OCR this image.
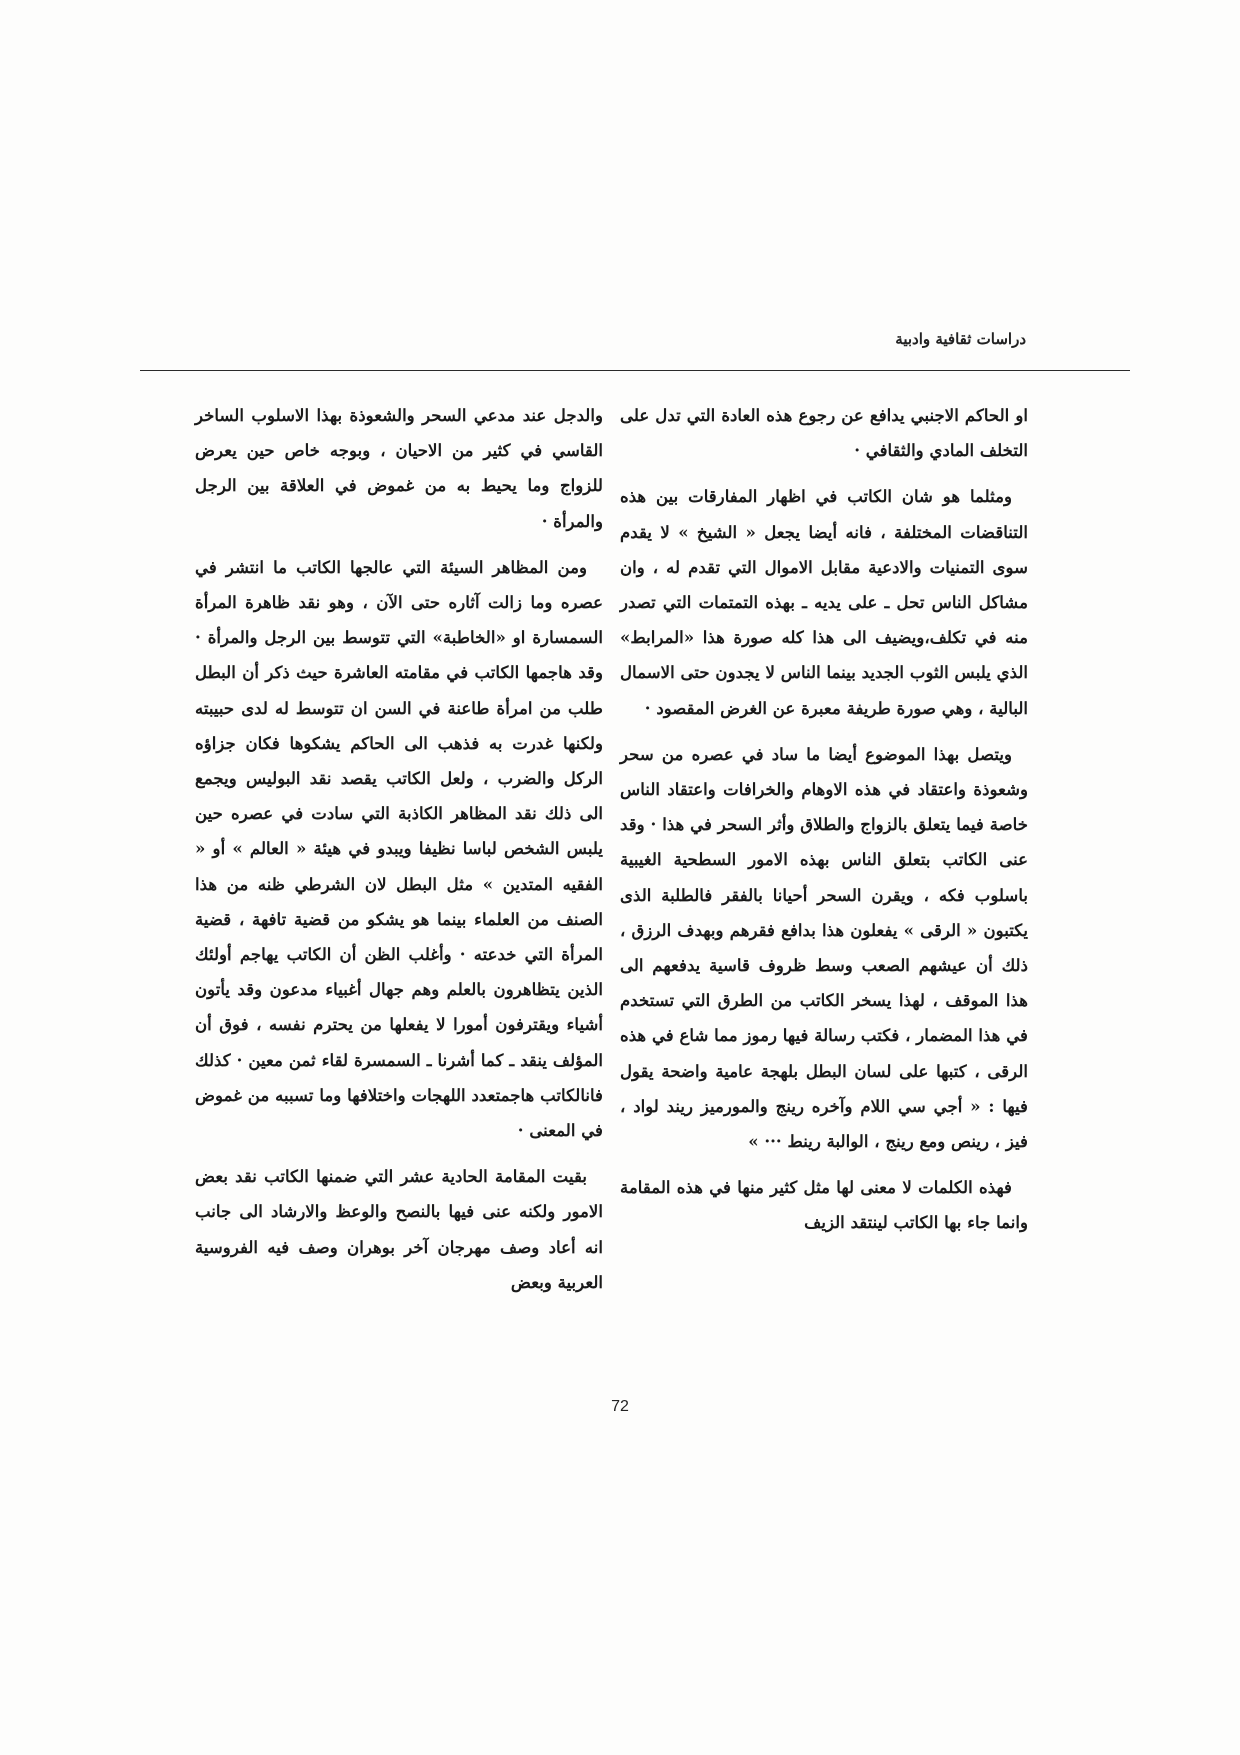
دراسات ثقافية وادبية

او الحاكم الاجنبي يدافع عن رجوع هذه العادة التي تدل على التخلف المادي والثقافي ·

ومثلما هو شان الكاتب في اظهار المفارقات بين هذه التناقضات المختلفة ، فانه أيضا يجعل « الشيخ » لا يقدم سوى التمنيات والادعية مقابل الاموال التي تقدم له ، وان مشاكل الناس تحل ـ على يديه ـ بهذه التمتمات التي تصدر منه في تكلف،ويضيف الى هذا كله صورة هذا «المرابط» الذي يلبس الثوب الجديد بينما الناس لا يجدون حتى الاسمال البالية ، وهي صورة طريفة معبرة عن الغرض المقصود ·

ويتصل بهذا الموضوع أيضا ما ساد في عصره من سحر وشعوذة واعتقاد في هذه الاوهام والخرافات واعتقاد الناس خاصة فيما يتعلق بالزواج والطلاق وأثر السحر في هذا · وقد عنى الكاتب بتعلق الناس بهذه الامور السطحية الغيبية باسلوب فكه ، ويقرن السحر أحيانا بالفقر فالطلبة الذى يكتبون « الرقى » يفعلون هذا بدافع فقرهم وبهدف الرزق ، ذلك أن عيشهم الصعب وسط ظروف قاسية يدفعهم الى هذا الموقف ، لهذا يسخر الكاتب من الطرق التي تستخدم في هذا المضمار ، فكتب رسالة فيها رموز مما شاع في هذه الرقى ، كتبها على لسان البطل بلهجة عامية واضحة يقول فيها : « أجي سي اللام وآخره رينج والمورميز ريند لواد ، فيز ، رينص ومع رينج ، الوالبة رينط ··· »

فهذه الكلمات لا معنى لها مثل كثير منها في هذه المقامة وانما جاء بها الكاتب لينتقد الزيف

والدجل عند مدعي السحر والشعوذة بهذا الاسلوب الساخر القاسي في كثير من الاحيان ، وبوجه خاص حين يعرض للزواج وما يحيط به من غموض في العلاقة بين الرجل والمرأة ·

ومن المظاهر السيئة التي عالجها الكاتب ما انتشر في عصره وما زالت آثاره حتى الآن ، وهو نقد ظاهرة المرأة السمسارة او «الخاطبة» التي تتوسط بين الرجل والمرأة · وقد هاجمها الكاتب في مقامته العاشرة حيث ذكر أن البطل طلب من امرأة طاعنة في السن ان تتوسط له لدى حبيبته ولكنها غدرت به فذهب الى الحاكم يشكوها فكان جزاؤه الركل والضرب ، ولعل الكاتب يقصد نقد البوليس ويجمع الى ذلك نقد المظاهر الكاذبة التي سادت في عصره حين يلبس الشخص لباسا نظيفا ويبدو في هيئة « العالم » أو « الفقيه المتدين » مثل البطل لان الشرطي ظنه من هذا الصنف من العلماء بينما هو يشكو من قضية تافهة ، قضية المرأة التي خدعته · وأغلب الظن أن الكاتب يهاجم أولئك الذين يتظاهرون بالعلم وهم جهال أغبياء مدعون وقد يأتون أشياء ويقترفون أمورا لا يفعلها من يحترم نفسه ، فوق أن المؤلف ينقد ـ كما أشرنا ـ السمسرة لقاء ثمن معين · كذلك فانالكاتب هاجمتعدد اللهجات واختلافها وما تسببه من غموض في المعنى ·

بقيت المقامة الحادية عشر التي ضمنها الكاتب نقد بعض الامور ولكنه عنى فيها بالنصح والوعظ والارشاد الى جانب انه أعاد وصف مهرجان آخر بوهران وصف فيه الفروسية العربية وبعض

72
